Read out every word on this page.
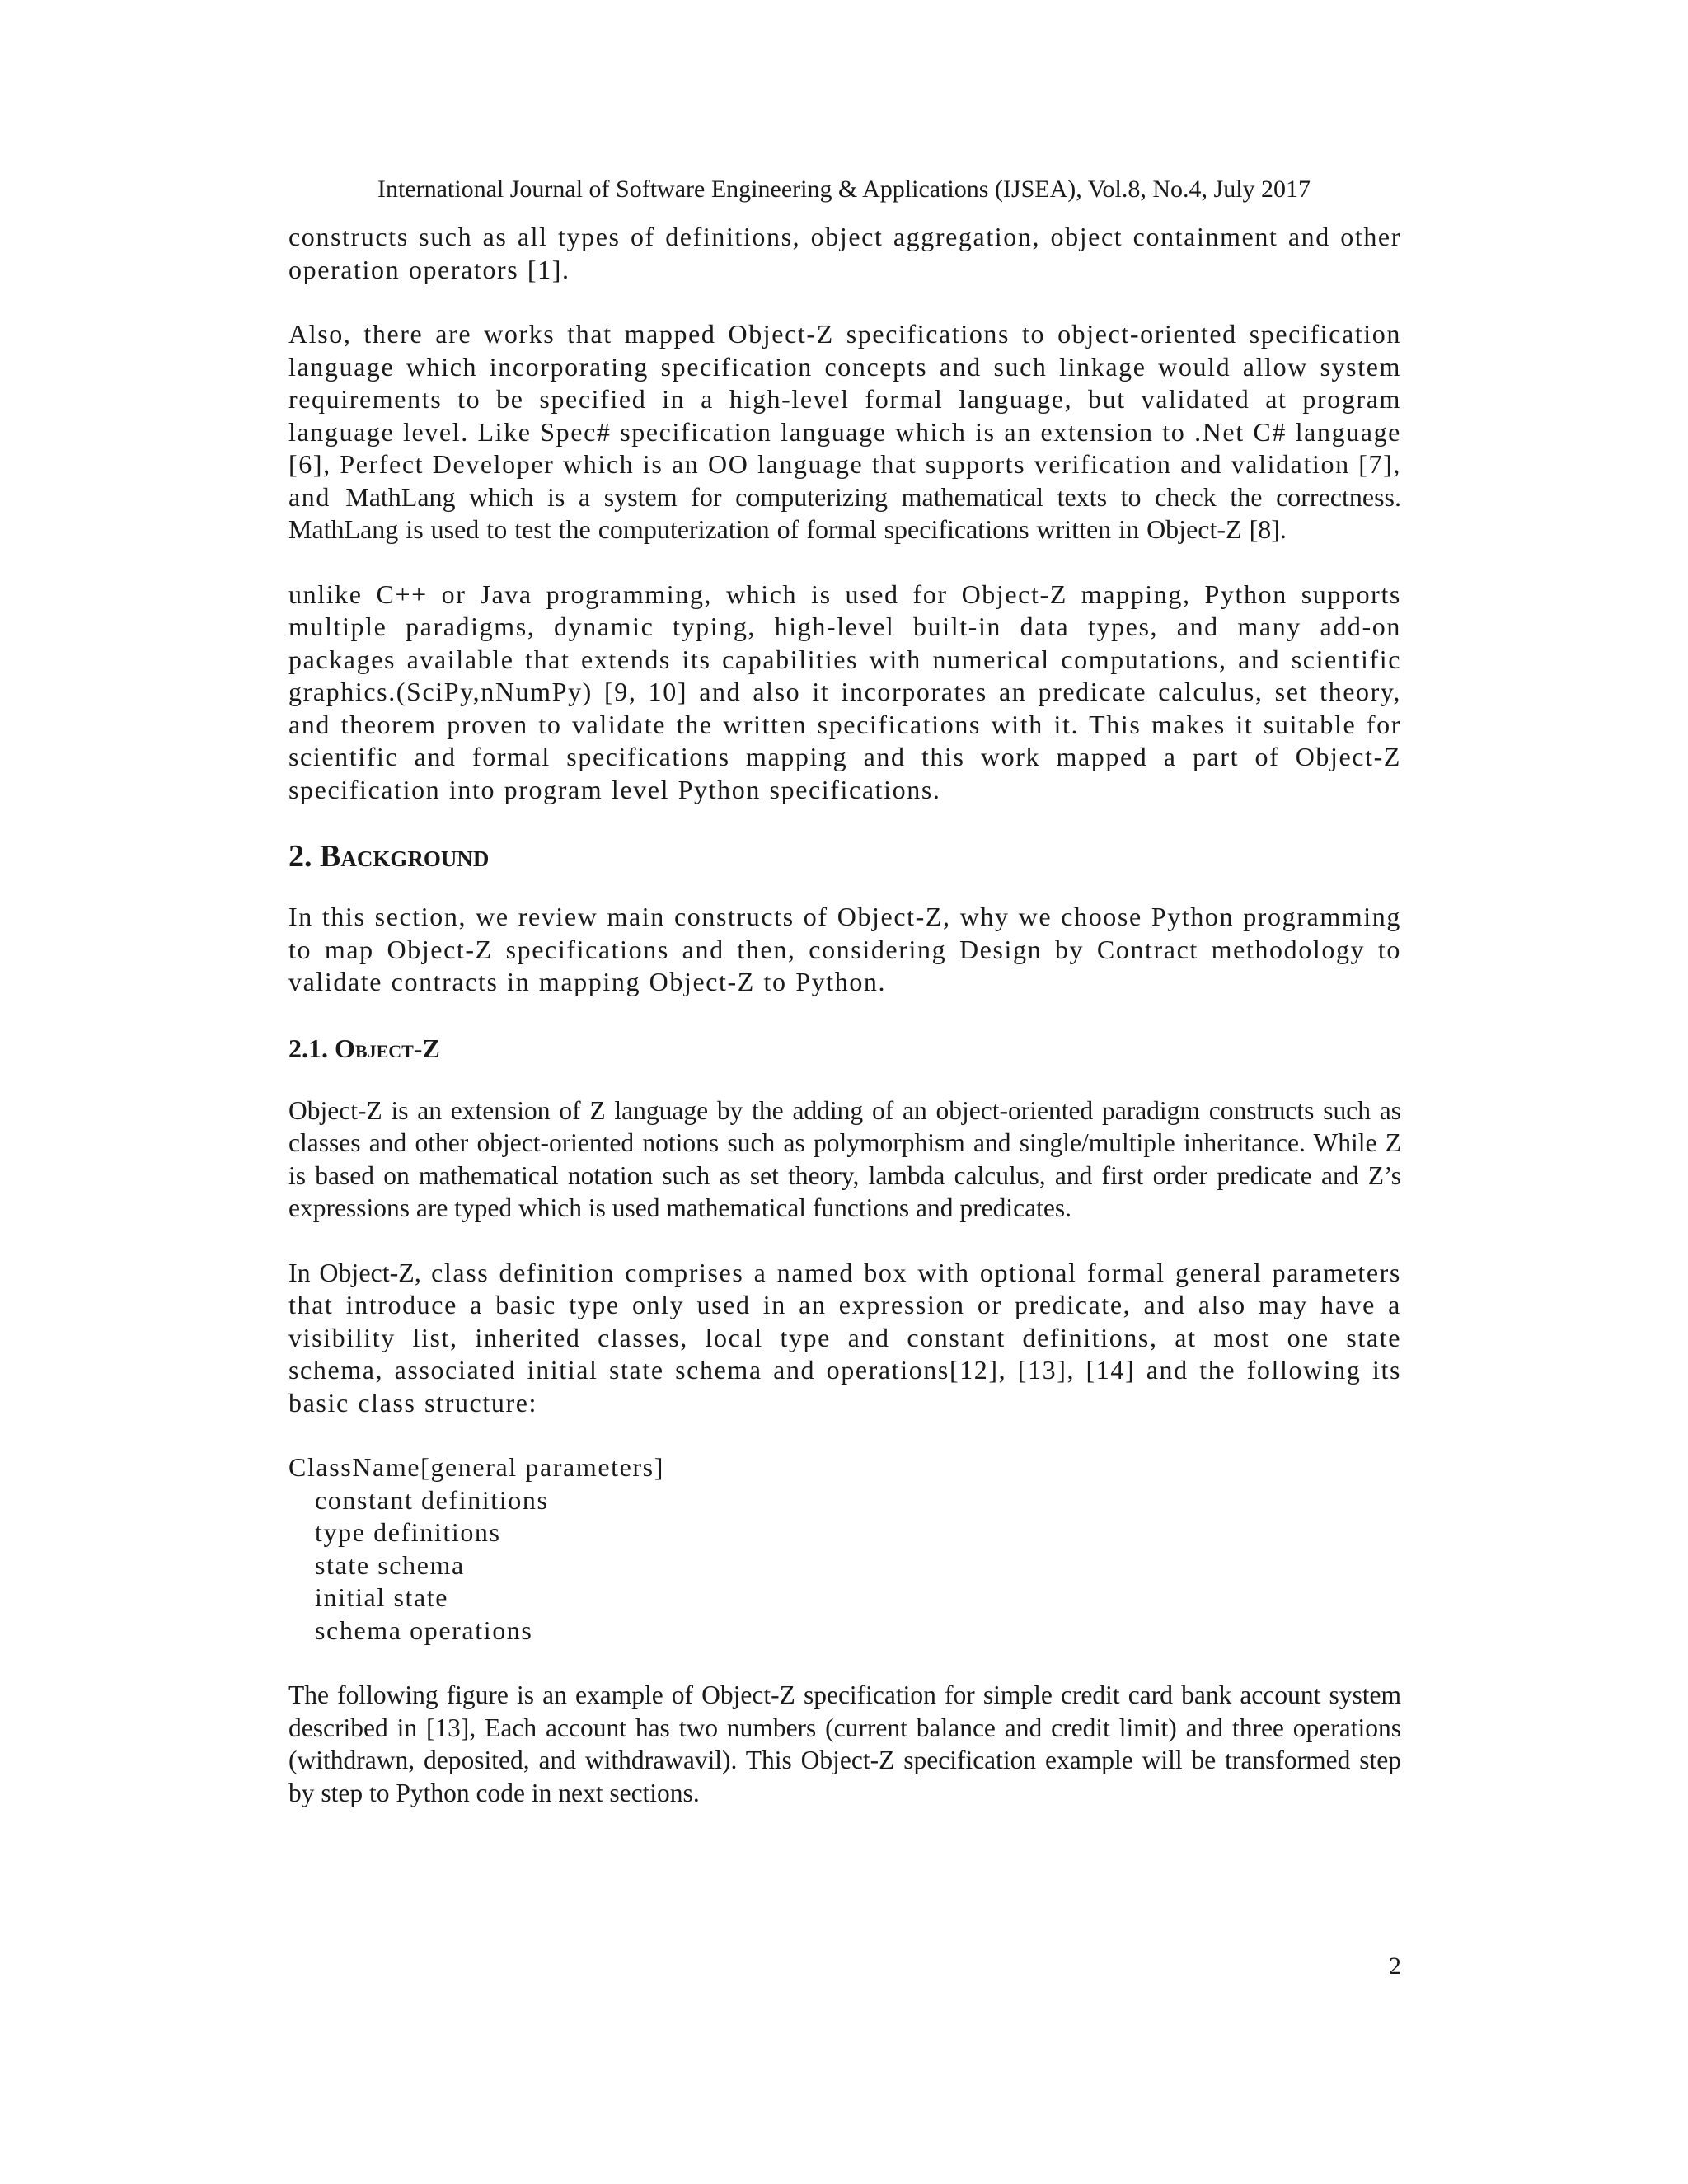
International Journal of Software Engineering & Applications (IJSEA), Vol.8, No.4, July 2017

constructs such as all types of definitions, object aggregation, object containment and other operation operators [1].

Also, there are works that mapped Object-Z specifications to object-oriented specification language which incorporating specification concepts and such linkage would allow system requirements to be specified in a high-level formal language, but validated at program language level. Like Spec# specification language which is an extension to .Net C# language [6], Perfect Developer which is an OO language that supports verification and validation [7], and MathLang which is a system for computerizing mathematical texts to check the correctness. MathLang is used to test the computerization of formal specifications written in Object-Z [8].

unlike C++ or Java programming, which is used for Object-Z mapping, Python supports multiple paradigms, dynamic typing, high-level built-in data types, and many add-on packages available that extends its capabilities with numerical computations, and scientific graphics.(SciPy,nNumPy) [9, 10] and also it incorporates an predicate calculus, set theory, and theorem proven to validate the written specifications with it. This makes it suitable for scientific and formal specifications mapping and this work mapped a part of Object-Z specification into program level Python specifications.

2. Background

In this section, we review main constructs of Object-Z, why we choose Python programming to map Object-Z specifications and then, considering Design by Contract methodology to validate contracts in mapping Object-Z to Python.

2.1. Object-Z

Object-Z is an extension of Z language by the adding of an object-oriented paradigm constructs such as classes and other object-oriented notions such as polymorphism and single/multiple inheritance. While Z is based on mathematical notation such as set theory, lambda calculus, and first order predicate and Z’s expressions are typed which is used mathematical functions and predicates.

In Object-Z, class definition comprises a named box with optional formal general parameters that introduce a basic type only used in an expression or predicate, and also may have a visibility list, inherited classes, local type and constant definitions, at most one state schema, associated initial state schema and operations[12], [13], [14] and the following its basic class structure:

ClassName[general parameters]
constant definitions
type definitions
state schema
initial state
schema operations

The following figure is an example of Object-Z specification for simple credit card bank account system described in [13], Each account has two numbers (current balance and credit limit) and three operations (withdrawn, deposited, and withdrawavil). This Object-Z specification example will be transformed step by step to Python code in next sections.

2
